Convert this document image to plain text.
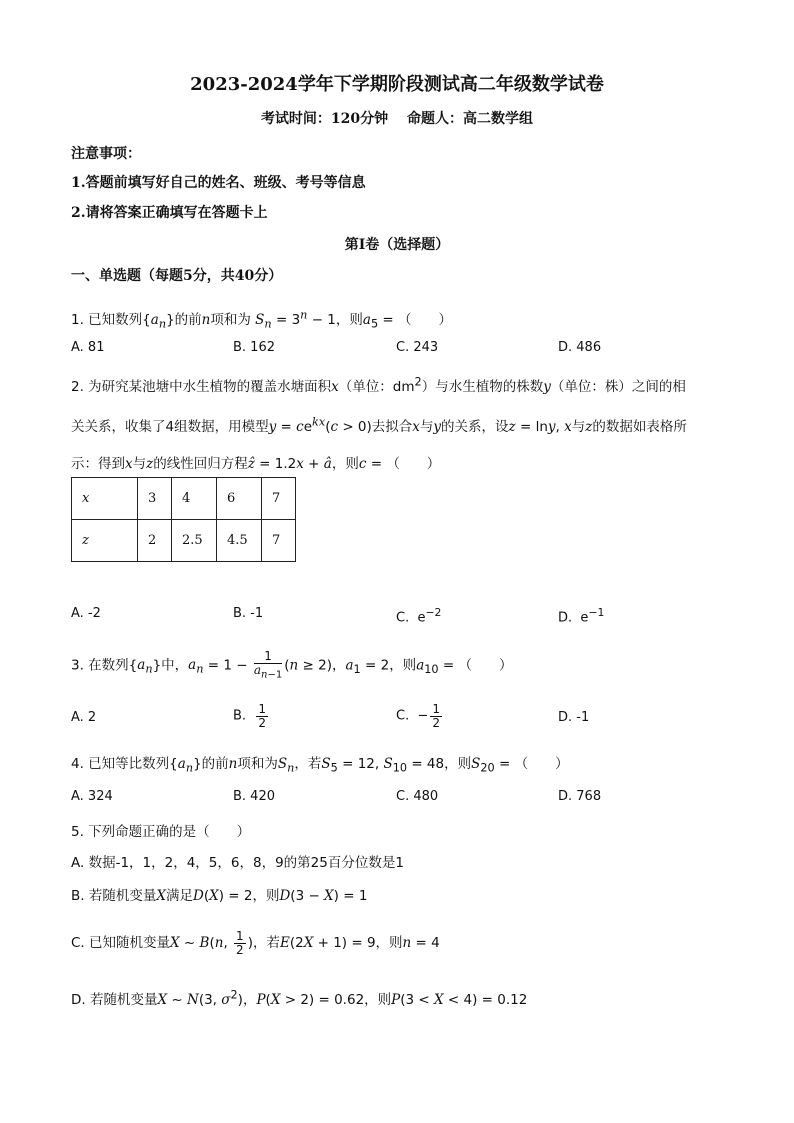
2023-2024学年下学期阶段测试高二年级数学试卷
考试时间：120分钟　 命题人：高二数学组
注意事项：
1.答题前填写好自己的姓名、班级、考号等信息
2.请将答案正确填写在答题卡上
第Ⅰ卷（选择题）
一、单选题（每题5分，共40分）
1. 已知数列$\{a_n\}$的前n项和为 $S_n = 3^n - 1$，则$a_5$ = （　　）
A. 81	B. 162	C. 243	D. 486
2. 为研究某池塘中水生植物的覆盖水塘面积x（单位：$dm^2$）与水生植物的株数y（单位：株）之间的相
关关系，收集了4组数据，用模型$y = ce^{kx}(c > 0)$去拟合x与y的关系，设z = lny, x与z的数据如表格所
示：得到x与z的线性回归方程ẑ = 1.2x + â，则c = （　　）
x	3	4	6	7
z	2	2.5	4.5	7
A. -2	B. -1	C.  $e^{-2}$	D.  $e^{-1}$
3. 在数列$\{a_n\}$中，$a_n = 1 - \frac{1}{a_{n-1}} (n \ge 2)$，$a_1 = 2$，则$a_{10}$ = （　　）
A. 2	B. $\frac{1}{2}$	C.  − $\frac{1}{2}$	D. -1
4. 已知等比数列$\{a_n\}$的前n项和为$S_n$，若$S_5 = 12$, $S_{10} = 48$，则$S_{20}$ = （　　）
A. 324	B. 420	C. 480	D. 768
5. 下列命题正确的是（　　）
A. 数据-1，1，2，4，5，6，8，9的第25百分位数是1
B. 若随机变量X满足D(X) = 2，则D(3 − X) = 1
C. 已知随机变量X ~ B(n, $\frac{1}{2}$ )，若E(2X + 1) = 9，则n = 4
D. 若随机变量X ~ N(3, $\sigma^2$)，P(X > 2) = 0.62，则P(3 < X < 4) = 0.12
